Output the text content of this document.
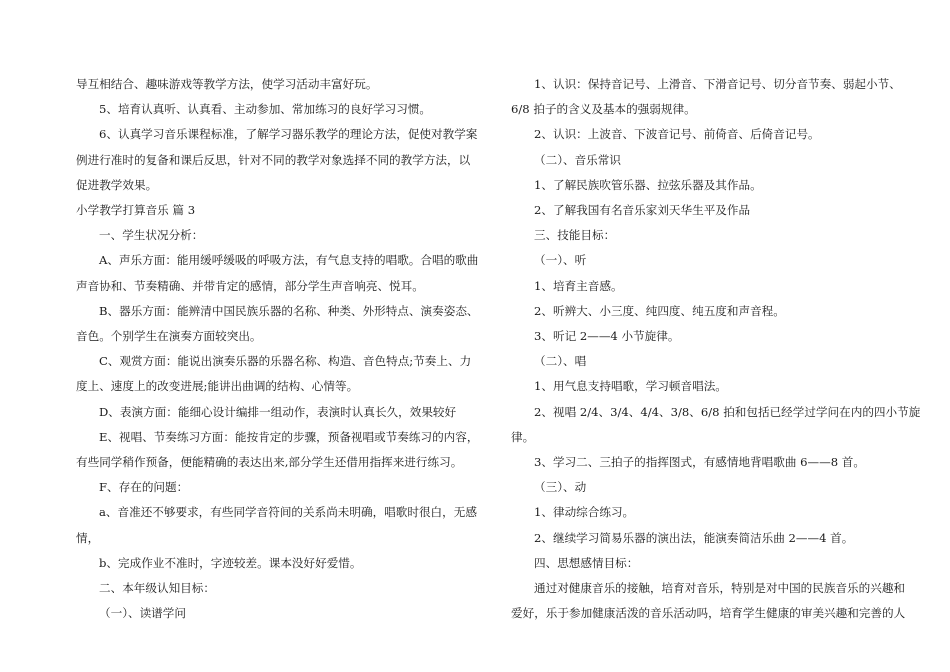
导互相结合、趣味游戏等教学方法，使学习活动丰富好玩。

5、培育认真听、认真看、主动参加、常加练习的良好学习习惯。

6、认真学习音乐课程标准，了解学习器乐教学的理论方法，促使对教学案

例进行准时的复备和课后反思，针对不同的教学对象选择不同的教学方法，以

促进教学效果。

小学教学打算音乐 篇 3

一、学生状况分析：

A、声乐方面：能用缓呼缓吸的呼吸方法，有气息支持的唱歌。合唱的歌曲

声音协和、节奏精确、并带肯定的感情，部分学生声音响亮、悦耳。

B、器乐方面：能辨清中国民族乐器的名称、种类、外形特点、演奏姿态、

音色。个别学生在演奏方面较突出。

C、观赏方面：能说出演奏乐器的乐器名称、构造、音色特点;节奏上、力

度上、速度上的改变进展;能讲出曲调的结构、心情等。

D、表演方面：能细心设计编排一组动作，表演时认真长久，效果较好

E、视唱、节奏练习方面：能按肯定的步骤，预备视唱或节奏练习的内容，

有些同学稍作预备，便能精确的表达出来,部分学生还借用指挥来进行练习。

F、存在的问题：

a、音准还不够要求，有些同学音符间的关系尚未明确，唱歌时很白，无感

情，

b、完成作业不准时，字迹较差。课本没好好爱惜。

二、本年级认知目标：

（一）、读谱学问

1、认识：保持音记号、上滑音、下滑音记号、切分音节奏、弱起小节、

6/8 拍子的含义及基本的强弱规律。

2、认识：上波音、下波音记号、前倚音、后倚音记号。

（二）、音乐常识

1、了解民族吹管乐器、拉弦乐器及其作品。

2、了解我国有名音乐家刘天华生平及作品

三、技能目标：

（一）、听

1、培育主音感。

2、听辨大、小三度、纯四度、纯五度和声音程。

3、听记 2——4 小节旋律。

（二）、唱

1、用气息支持唱歌，学习顿音唱法。

2、视唱 2/4、3/4、4/4、3/8、6/8 拍和包括已经学过学问在内的四小节旋

律。

3、学习二、三拍子的指挥图式，有感情地背唱歌曲 6——8 首。

（三）、动

1、律动综合练习。

2、继续学习简易乐器的演出法，能演奏简洁乐曲 2——4 首。

四、思想感情目标：

通过对健康音乐的接触，培育对音乐，特别是对中国的民族音乐的兴趣和

爱好，乐于参加健康活泼的音乐活动吗，培育学生健康的审美兴趣和完善的人
